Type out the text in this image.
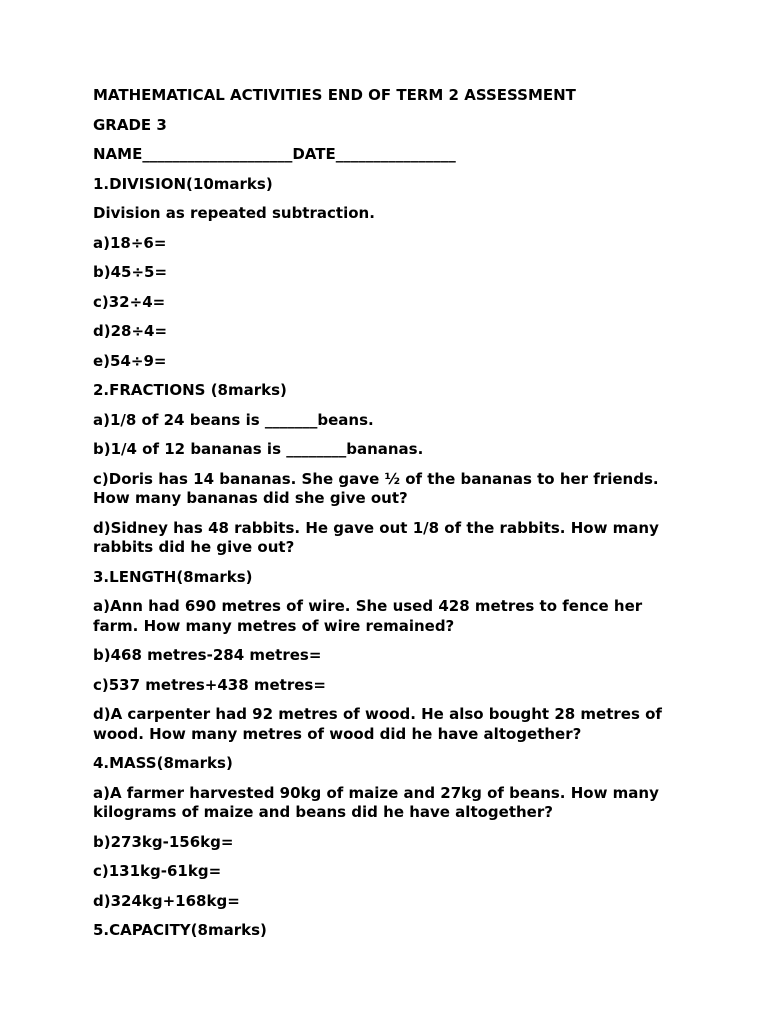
MATHEMATICAL ACTIVITIES END OF TERM 2 ASSESSMENT

GRADE 3

NAME____________________DATE________________

1.DIVISION(10marks)

Division as repeated subtraction.

a)18÷6=

b)45÷5=

c)32÷4=

d)28÷4=

e)54÷9=

2.FRACTIONS (8marks)

a)1/8 of 24 beans is _______beans.

b)1/4 of 12 bananas is ________bananas.

c)Doris has 14 bananas. She gave ½ of the bananas to her friends. How many bananas did she give out?

d)Sidney has 48 rabbits. He gave out 1/8 of the rabbits. How many rabbits did he give out?

3.LENGTH(8marks)

a)Ann had 690 metres of wire. She used 428 metres to fence her farm. How many metres of wire remained?

b)468 metres-284 metres=

c)537 metres+438 metres=

d)A carpenter had 92 metres of wood. He also bought 28 metres of wood. How many metres of wood did he have altogether?

4.MASS(8marks)

a)A farmer harvested 90kg of maize and 27kg of beans. How many kilograms of maize and beans did he have altogether?

b)273kg-156kg=

c)131kg-61kg=

d)324kg+168kg=

5.CAPACITY(8marks)
